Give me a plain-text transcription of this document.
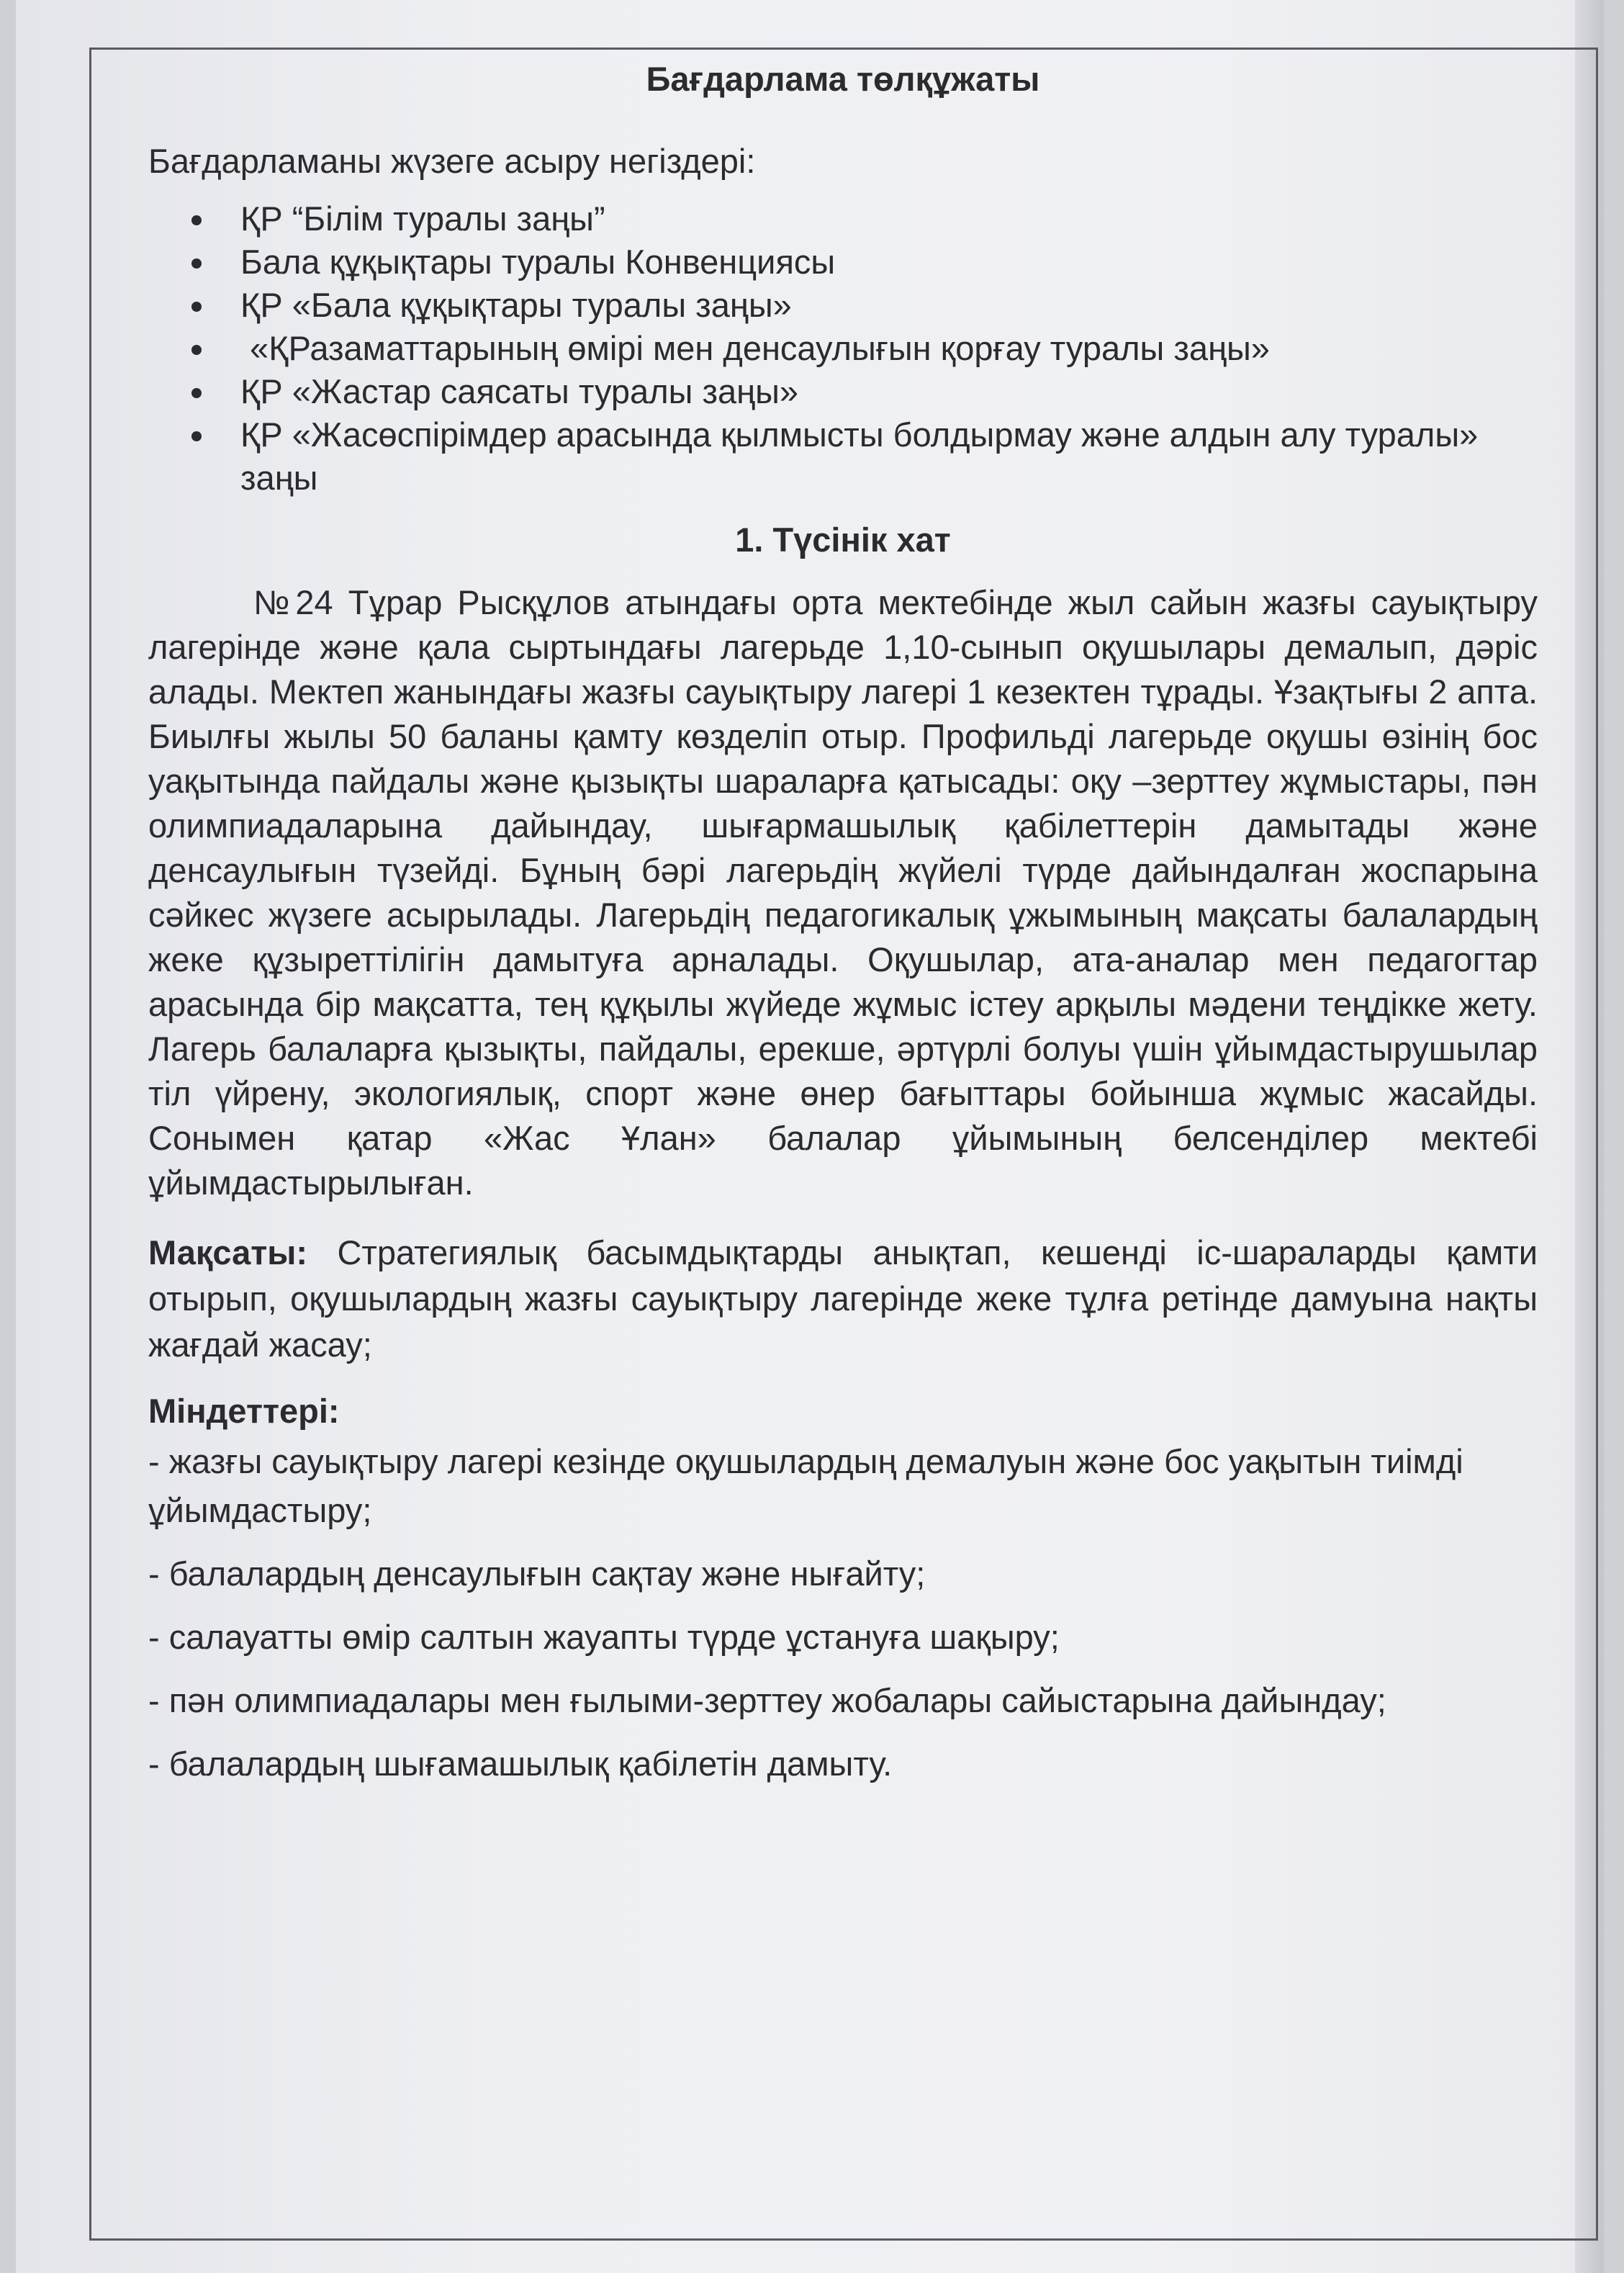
Бағдарлама төлқұжаты
Бағдарламаны жүзеге асыру негіздері:
ҚР “Білім туралы заңы”
Бала құқықтары туралы Конвенциясы
ҚР «Бала құқықтары туралы заңы»
«ҚРазаматтарының өмірі мен денсаулығын қорғау туралы заңы»
ҚР «Жастар саясаты туралы заңы»
ҚР «Жасөспірімдер арасында қылмысты болдырмау және алдын алу туралы» заңы
1. Түсінік хат

№24 Тұрар Рысқұлов атындағы орта мектебінде жыл сайын жазғы сауықтыру лагерінде және қала сыртындағы лагерьде 1,10-сынып оқушылары демалып, дәріс алады. Мектеп жанындағы жазғы сауықтыру лагері 1 кезектен тұрады. Ұзақтығы 2 апта. Биылғы жылы 50 баланы қамту көзделіп отыр. Профильді лагерьде оқушы өзінің бос уақытында пайдалы және қызықты шараларға қатысады: оқу –зерттеу жұмыстары, пән олимпиадаларына дайындау, шығармашылық қабілеттерін дамытады және денсаулығын түзейді. Бұның бәрі лагерьдің жүйелі түрде дайындалған жоспарына сәйкес жүзеге асырылады. Лагерьдің педагогикалық ұжымының мақсаты балалардың жеке құзыреттілігін дамытуға арналады. Оқушылар, ата-аналар мен педагогтар арасында бір мақсатта, тең құқылы жүйеде жұмыс істеу арқылы мәдени теңдікке жету. Лагерь балаларға қызықты, пайдалы, ерекше, әртүрлі болуы үшін ұйымдастырушылар тіл үйрену, экологиялық, спорт және өнер бағыттары бойынша жұмыс жасайды. Сонымен қатар «Жас Ұлан» балалар ұйымының белсенділер мектебі ұйымдастырылыған.

Мақсаты: Стратегиялық басымдықтарды анықтап, кешенді іс-шараларды қамти отырып, оқушылардың жазғы сауықтыру лагерінде жеке тұлға ретінде дамуына нақты жағдай жасау;

Міндеттері:
- жазғы сауықтыру лагері кезінде оқушылардың демалуын және бос уақытын тиімді ұйымдастыру;
- балалардың денсаулығын сақтау және нығайту;
- салауатты өмір салтын жауапты түрде ұстануға шақыру;
- пән олимпиадалары мен ғылыми-зерттеу жобалары сайыстарына дайындау;
- балалардың шығамашылық қабілетін дамыту.
